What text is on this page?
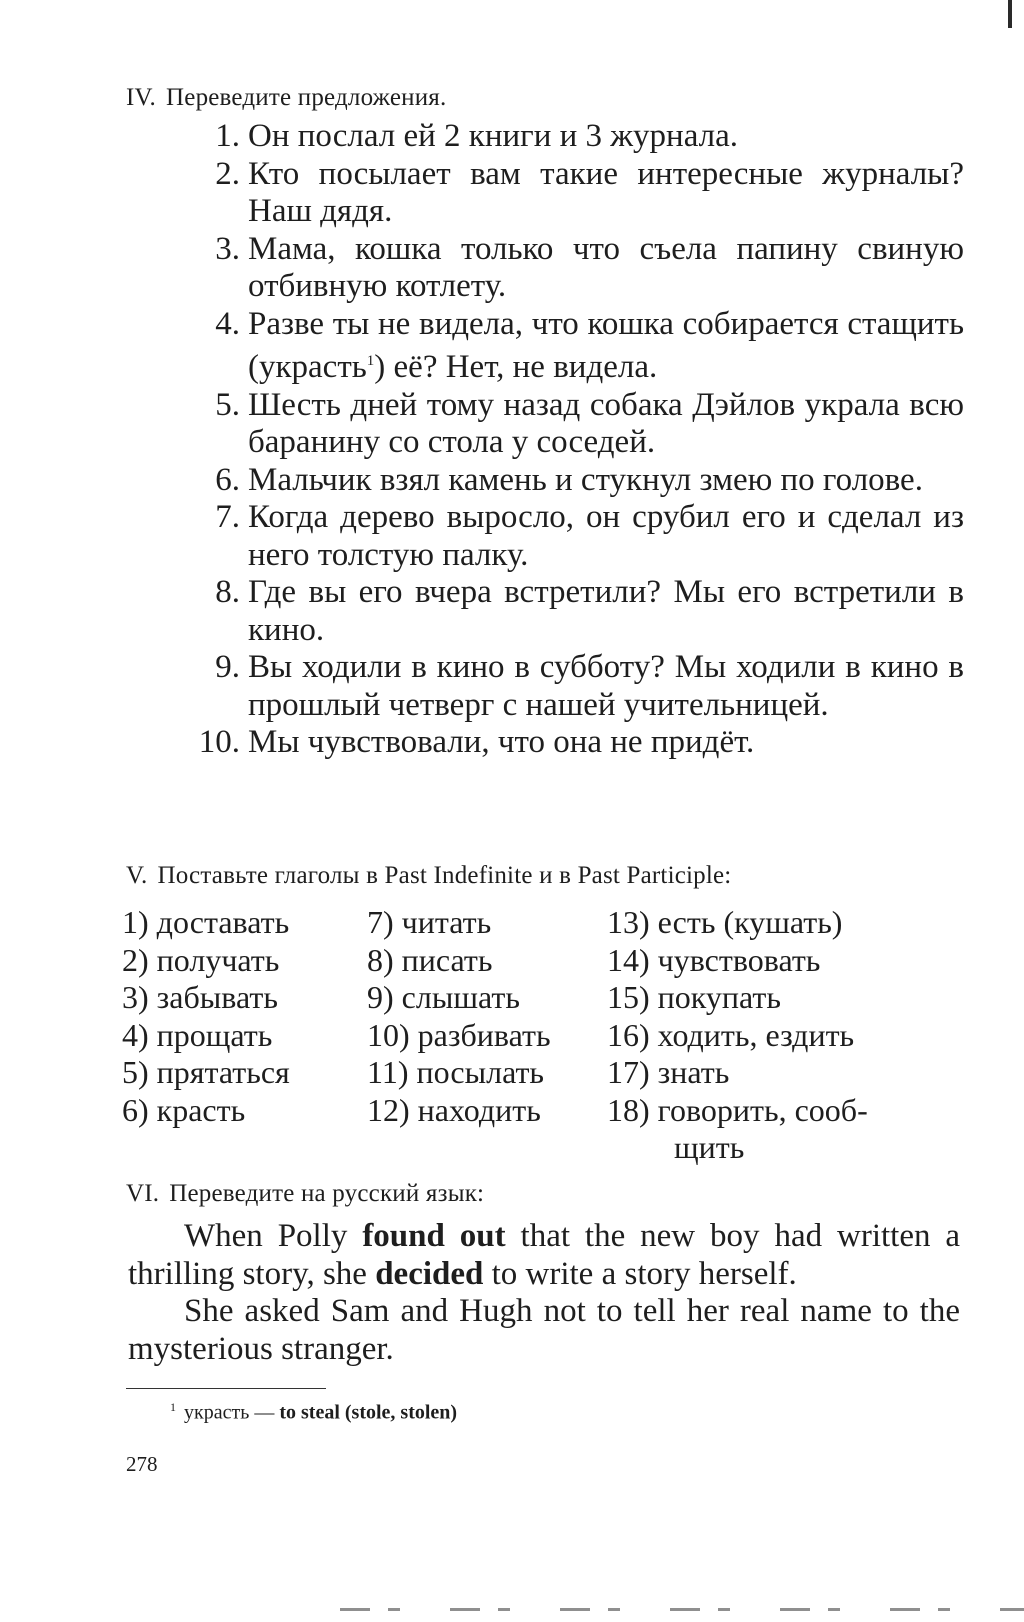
IV. Переведите предложения.
1. Он послал ей 2 книги и 3 журнала.
2. Кто посылает вам такие интересные журналы? Наш дядя.
3. Мама, кошка только что съела папину свиную отбивную котлету.
4. Разве ты не видела, что кошка собирается стащить (украсть$^1$) её? Нет, не видела.
5. Шесть дней тому назад собака Дэйлов украла всю баранину со стола у соседей.
6. Мальчик взял камень и стукнул змею по голове.
7. Когда дерево выросло, он срубил его и сделал из него толстую палку.
8. Где вы его вчера встретили? Мы его встретили в кино.
9. Вы ходили в кино в субботу? Мы ходили в кино в прошлый четверг с нашей учительницей.
10. Мы чувствовали, что она не придёт.
V. Поставьте глаголы в Past Indefinite и в Past Participle:
1) доставать	7) читать	13) есть (кушать)
2) получать	8) писать	14) чувствовать
3) забывать	9) слышать	15) покупать
4) прощать	10) разбивать	16) ходить, ездить
5) прятаться	11) посылать	17) знать
6) красть	12) находить	18) говорить, сооб-
щить
VI. Переведите на русский язык:

When Polly found out that the new boy had written a thrilling story, she decided to write a story herself.

She asked Sam and Hugh not to tell her real name to the mysterious stranger.

$^1$ украсть — to steal (stole, stolen)
278
